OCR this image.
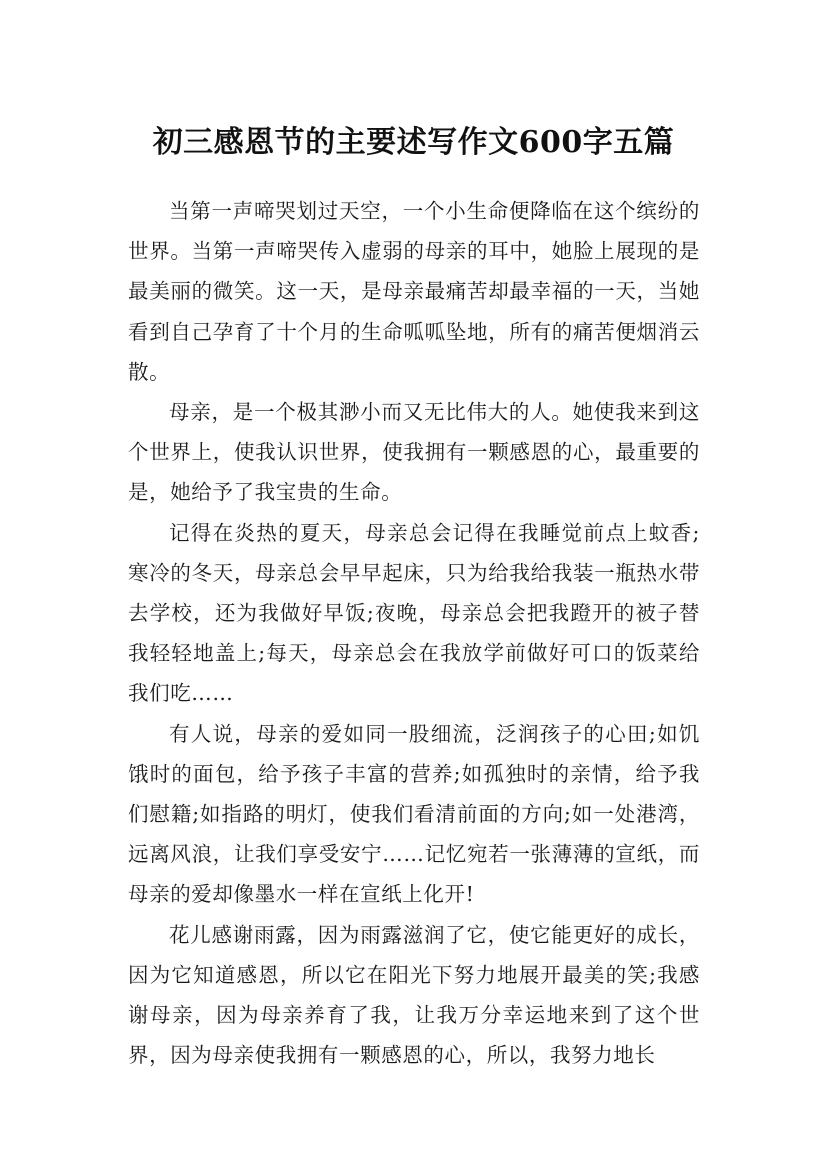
初三感恩节的主要述写作文600字五篇

当第一声啼哭划过天空，一个小生命便降临在这个缤纷的世界。当第一声啼哭传入虚弱的母亲的耳中，她脸上展现的是最美丽的微笑。这一天，是母亲最痛苦却最幸福的一天，当她看到自己孕育了十个月的生命呱呱坠地，所有的痛苦便烟消云散。

母亲，是一个极其渺小而又无比伟大的人。她使我来到这个世界上，使我认识世界，使我拥有一颗感恩的心，最重要的是，她给予了我宝贵的生命。

记得在炎热的夏天，母亲总会记得在我睡觉前点上蚊香;寒冷的冬天，母亲总会早早起床，只为给我给我装一瓶热水带去学校，还为我做好早饭;夜晚，母亲总会把我蹬开的被子替我轻轻地盖上;每天，母亲总会在我放学前做好可口的饭菜给我们吃……

有人说，母亲的爱如同一股细流，泛润孩子的心田;如饥饿时的面包，给予孩子丰富的营养;如孤独时的亲情，给予我们慰籍;如指路的明灯，使我们看清前面的方向;如一处港湾，远离风浪，让我们享受安宁……记忆宛若一张薄薄的宣纸，而母亲的爱却像墨水一样在宣纸上化开!

花儿感谢雨露，因为雨露滋润了它，使它能更好的成长，因为它知道感恩，所以它在阳光下努力地展开最美的笑;我感谢母亲，因为母亲养育了我，让我万分幸运地来到了这个世界，因为母亲使我拥有一颗感恩的心，所以，我努力地长
